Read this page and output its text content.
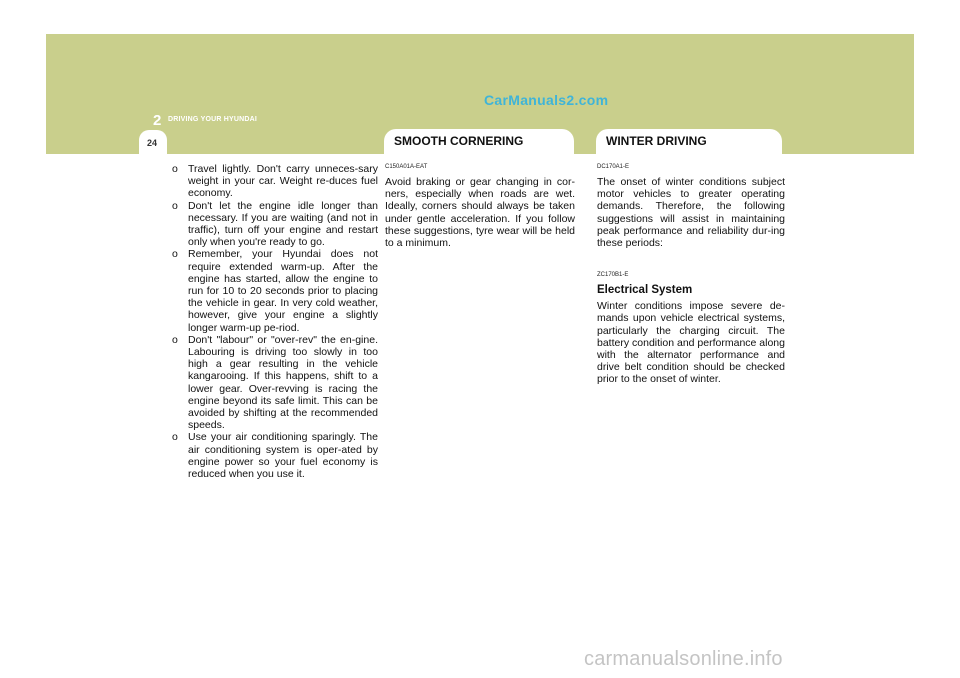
2 DRIVING YOUR HYUNDAI
24
CarManuals2.com
SMOOTH CORNERING	WINTER DRIVING

o Travel lightly. Don't carry unneces-sary weight in your car. Weight re-duces fuel economy.

o Don't let the engine idle longer than necessary. If you are waiting (and not in traffic), turn off your engine and restart only when you're ready to go.

o Remember, your Hyundai does not require extended warm-up. After the engine has started, allow the engine to run for 10 to 20 seconds prior to placing the vehicle in gear. In very cold weather, however, give your engine a slightly longer warm-up pe-riod.

o Don't "labour" or "over-rev" the en-gine. Labouring is driving too slowly in too high a gear resulting in the vehicle kangarooing. If this happens, shift to a lower gear. Over-revving is racing the engine beyond its safe limit. This can be avoided by shifting at the recommended speeds.

o Use your air conditioning sparingly. The air conditioning system is oper-ated by engine power so your fuel economy is reduced when you use it.

C150A01A-EAT

Avoid braking or gear changing in cor-ners, especially when roads are wet. Ideally, corners should always be taken under gentle acceleration. If you follow these suggestions, tyre wear will be held to a minimum.

DC170A1-E

The onset of winter conditions subject motor vehicles to greater operating demands. Therefore, the following suggestions will assist in maintaining peak performance and reliability dur-ing these periods:

ZC170B1-E
Electrical System

Winter conditions impose severe de-mands upon vehicle electrical systems, particularly the charging circuit. The battery condition and performance along with the alternator performance and drive belt condition should be checked prior to the onset of winter.

carmanualsonline.info
